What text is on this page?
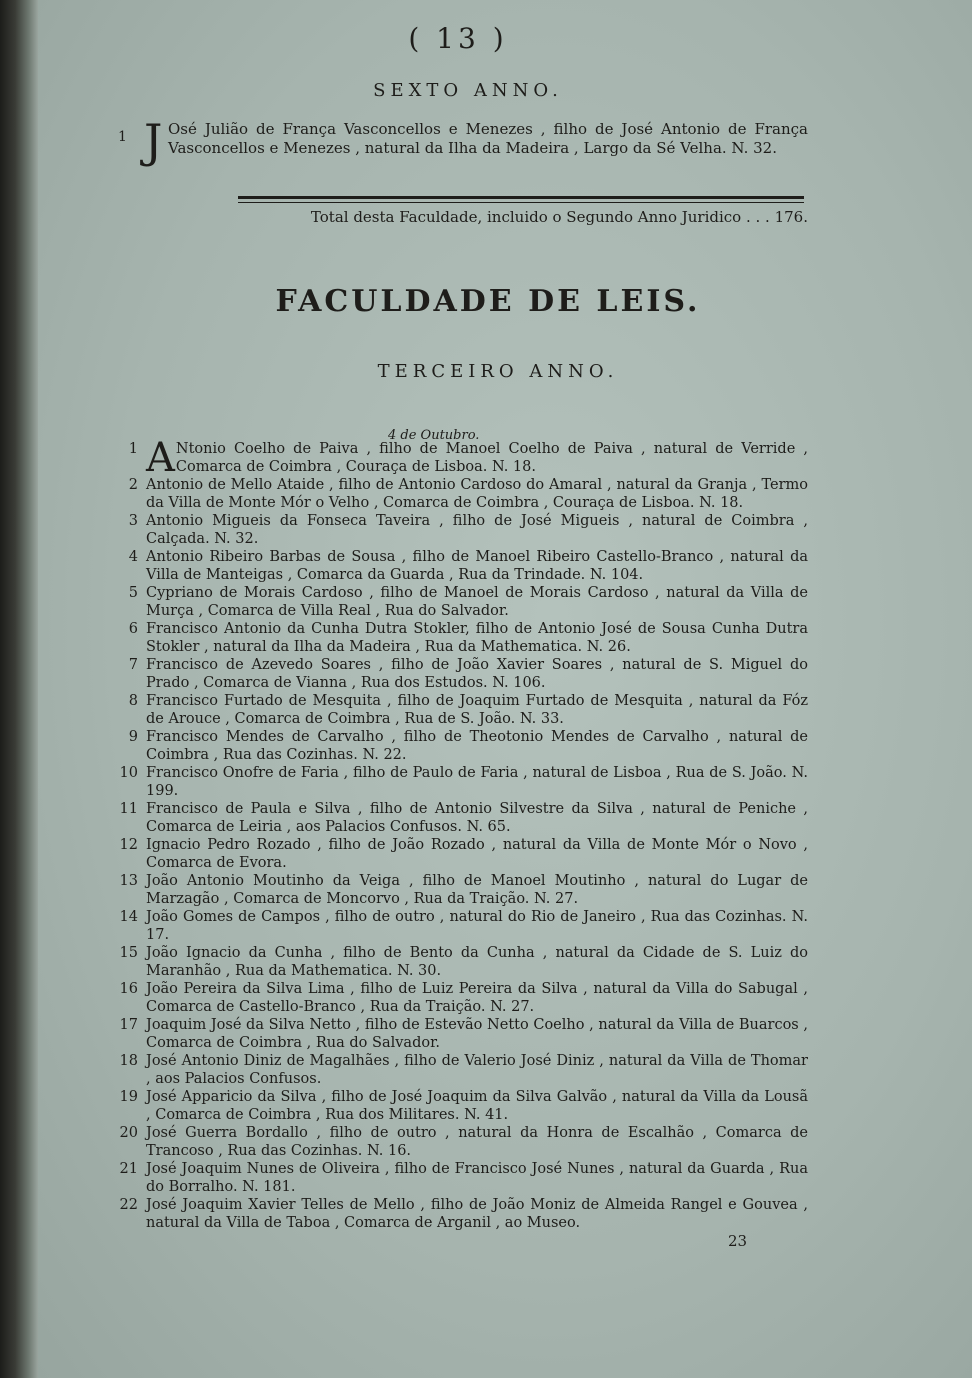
( 13 )
SEXTO ANNO.
1 J Osé Julião de França Vasconcellos e Menezes , filho de José Antonio de França Vasconcellos e Menezes , natural da Ilha da Madeira , Largo da Sé Velha. N. 32.
Total desta Faculdade, incluido o Segundo Anno Juridico . . . 176.
FACULDADE DE LEIS.
TERCEIRO ANNO.
4 de Outubro.
1 A Ntonio Coelho de Paiva , filho de Manoel Coelho de Paiva , natural de Verride , Comarca de Coimbra , Couraça de Lisboa. N. 18.
2 Antonio de Mello Ataide , filho de Antonio Cardoso do Amaral , natural da Granja , Termo da Villa de Monte Mór o Velho , Comarca de Coimbra , Couraça de Lisboa. N. 18.
3 Antonio Migueis da Fonseca Taveira , filho de José Migueis , natural de Coimbra , Calçada. N. 32.
4 Antonio Ribeiro Barbas de Sousa , filho de Manoel Ribeiro Castello-Branco , natural da Villa de Manteigas , Comarca da Guarda , Rua da Trindade. N. 104.
5 Cypriano de Morais Cardoso , filho de Manoel de Morais Cardoso , natural da Villa de Murça , Comarca de Villa Real , Rua do Salvador.
6 Francisco Antonio da Cunha Dutra Stokler, filho de Antonio José de Sousa Cunha Dutra Stokler , natural da Ilha da Madeira , Rua da Mathematica. N. 26.
7 Francisco de Azevedo Soares , filho de João Xavier Soares , natural de S. Miguel do Prado , Comarca de Vianna , Rua dos Estudos. N. 106.
8 Francisco Furtado de Mesquita , filho de Joaquim Furtado de Mesquita , natural da Fóz de Arouce , Comarca de Coimbra , Rua de S. João. N. 33.
9 Francisco Mendes de Carvalho , filho de Theotonio Mendes de Carvalho , natural de Coimbra , Rua das Cozinhas. N. 22.
10 Francisco Onofre de Faria , filho de Paulo de Faria , natural de Lisboa , Rua de S. João. N. 199.
11 Francisco de Paula e Silva , filho de Antonio Silvestre da Silva , natural de Peniche , Comarca de Leiria , aos Palacios Confusos. N. 65.
12 Ignacio Pedro Rozado , filho de João Rozado , natural da Villa de Monte Mór o Novo , Comarca de Evora.
13 João Antonio Moutinho da Veiga , filho de Manoel Moutinho , natural do Lugar de Marzagão , Comarca de Moncorvo , Rua da Traição. N. 27.
14 João Gomes de Campos , filho de outro , natural do Rio de Janeiro , Rua das Cozinhas. N. 17.
15 João Ignacio da Cunha , filho de Bento da Cunha , natural da Cidade de S. Luiz do Maranhão , Rua da Mathematica. N. 30.
16 João Pereira da Silva Lima , filho de Luiz Pereira da Silva , natural da Villa do Sabugal , Comarca de Castello-Branco , Rua da Traição. N. 27.
17 Joaquim José da Silva Netto , filho de Estevão Netto Coelho , natural da Villa de Buarcos , Comarca de Coimbra , Rua do Salvador.
18 José Antonio Diniz de Magalhães , filho de Valerio José Diniz , natural da Villa de Thomar , aos Palacios Confusos.
19 José Apparicio da Silva , filho de José Joaquim da Silva Galvão , natural da Villa da Lousã , Comarca de Coimbra , Rua dos Militares. N. 41.
20 José Guerra Bordallo , filho de outro , natural da Honra de Escalhão , Comarca de Trancoso , Rua das Cozinhas. N. 16.
21 José Joaquim Nunes de Oliveira , filho de Francisco José Nunes , natural da Guarda , Rua do Borralho. N. 181.
22 José Joaquim Xavier Telles de Mello , filho de João Moniz de Almeida Rangel e Gouvea , natural da Villa de Taboa , Comarca de Arganil , ao Museo.
23
